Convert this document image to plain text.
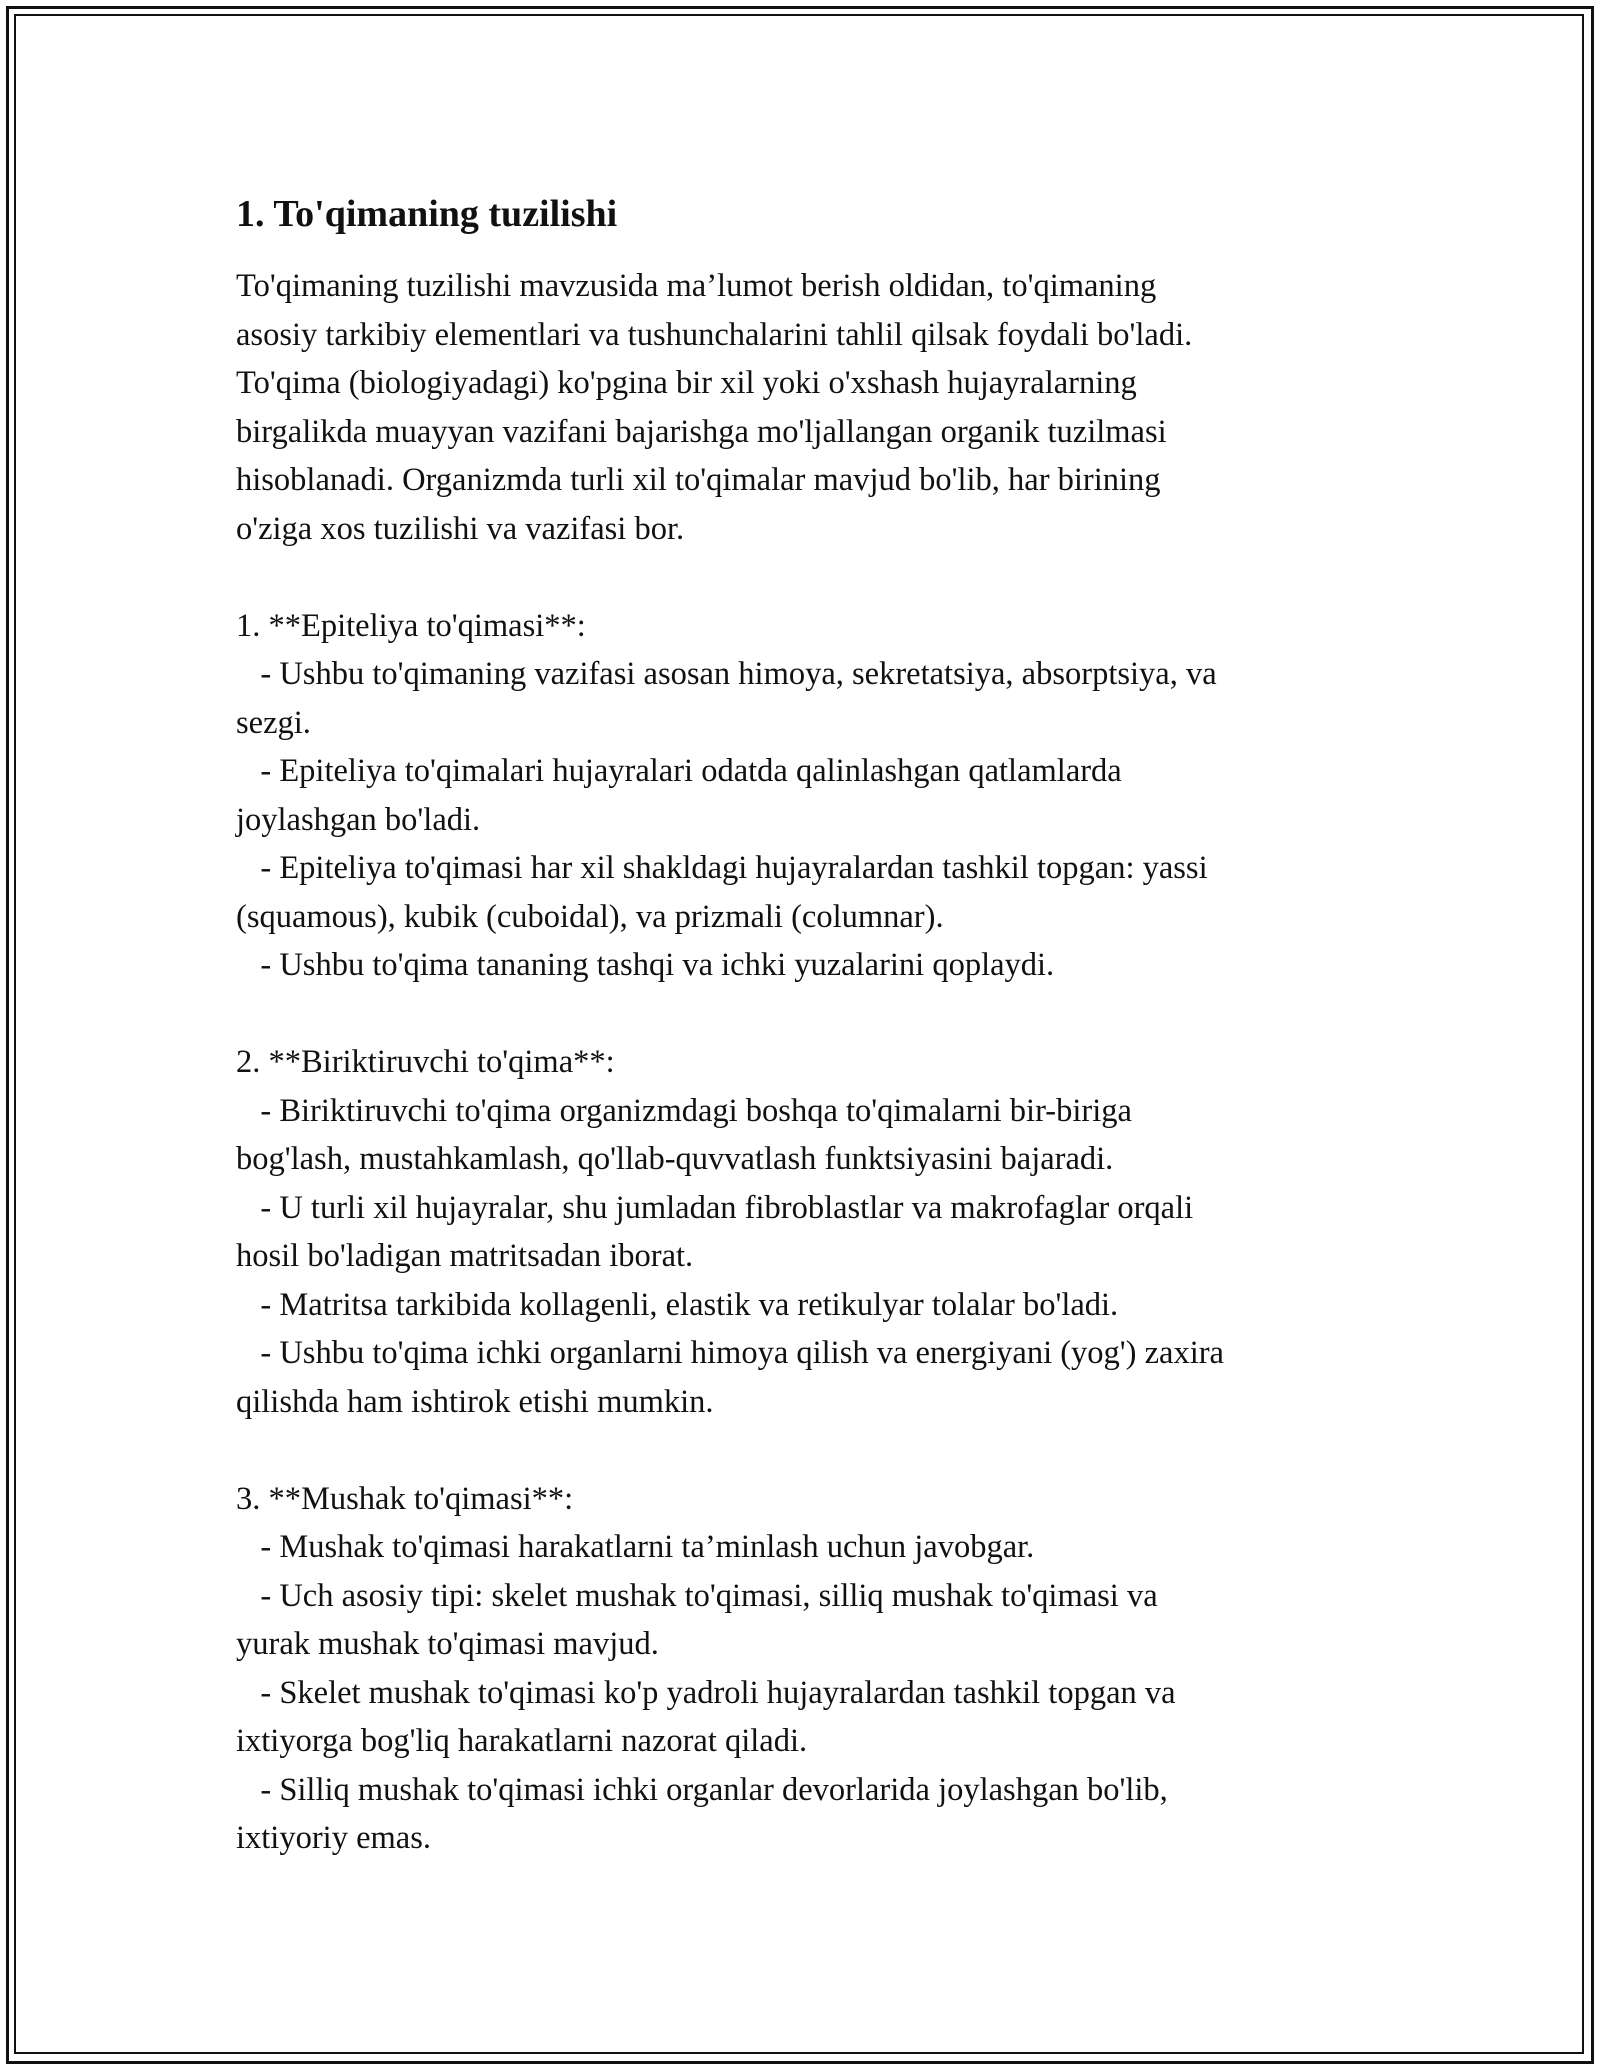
1. To'qimaning tuzilishi

To'qimaning tuzilishi mavzusida ma’lumot berish oldidan, to'qimaning

asosiy tarkibiy elementlari va tushunchalarini tahlil qilsak foydali bo'ladi.

To'qima (biologiyadagi) ko'pgina bir xil yoki o'xshash hujayralarning

birgalikda muayyan vazifani bajarishga mo'ljallangan organik tuzilmasi

hisoblanadi. Organizmda turli xil to'qimalar mavjud bo'lib, har birining

o'ziga xos tuzilishi va vazifasi bor.

1. **Epiteliya to'qimasi**:

- Ushbu to'qimaning vazifasi asosan himoya, sekretatsiya, absorptsiya, va

sezgi.

- Epiteliya to'qimalari hujayralari odatda qalinlashgan qatlamlarda

joylashgan bo'ladi.

- Epiteliya to'qimasi har xil shakldagi hujayralardan tashkil topgan: yassi

(squamous), kubik (cuboidal), va prizmali (columnar).

- Ushbu to'qima tananing tashqi va ichki yuzalarini qoplaydi.

2. **Biriktiruvchi to'qima**:

- Biriktiruvchi to'qima organizmdagi boshqa to'qimalarni bir-biriga

bog'lash, mustahkamlash, qo'llab-quvvatlash funktsiyasini bajaradi.

- U turli xil hujayralar, shu jumladan fibroblastlar va makrofaglar orqali

hosil bo'ladigan matritsadan iborat.

- Matritsa tarkibida kollagenli, elastik va retikulyar tolalar bo'ladi.

- Ushbu to'qima ichki organlarni himoya qilish va energiyani (yog') zaxira

qilishda ham ishtirok etishi mumkin.

3. **Mushak to'qimasi**:

- Mushak to'qimasi harakatlarni ta’minlash uchun javobgar.

- Uch asosiy tipi: skelet mushak to'qimasi, silliq mushak to'qimasi va

yurak mushak to'qimasi mavjud.

- Skelet mushak to'qimasi ko'p yadroli hujayralardan tashkil topgan va

ixtiyorga bog'liq harakatlarni nazorat qiladi.

- Silliq mushak to'qimasi ichki organlar devorlarida joylashgan bo'lib,

ixtiyoriy emas.
